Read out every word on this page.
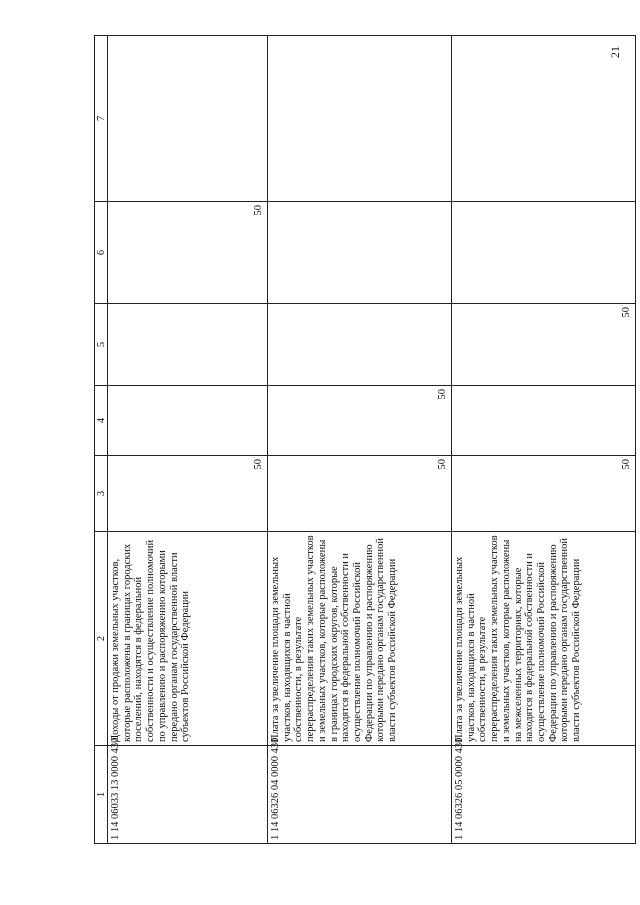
21
1	2	3	4	5	6	7
1 14 06033 13 0000 430	Доходы от продажи земельных участков, которые расположены в границах городских поселений, находятся в федеральной собственности и осуществление полномочий по управлению и распоряжению которыми передано органам государственной власти субъектов Российской Федерации	50			50	
1 14 06326 04 0000 430	Плата за увеличение площади земельных участков, находящихся в частной собственности, в результате перераспределения таких земельных участков и земельных участков, которые расположены в границах городских округов, которые находятся в федеральной собственности и осуществление полномочий Российской Федерации по управлению и распоряжению которыми передано органам государственной власти субъектов Российской Федерации	50	50			
1 14 06326 05 0000 430	Плата за увеличение площади земельных участков, находящихся в частной собственности, в результате перераспределения таких земельных участков и земельных участков, которые расположены на межселенных территориях, которые находятся в федеральной собственности и осуществление полномочий Российской Федерации по управлению и распоряжению которыми передано органам государственной власти субъектов Российской Федерации	50		50		
